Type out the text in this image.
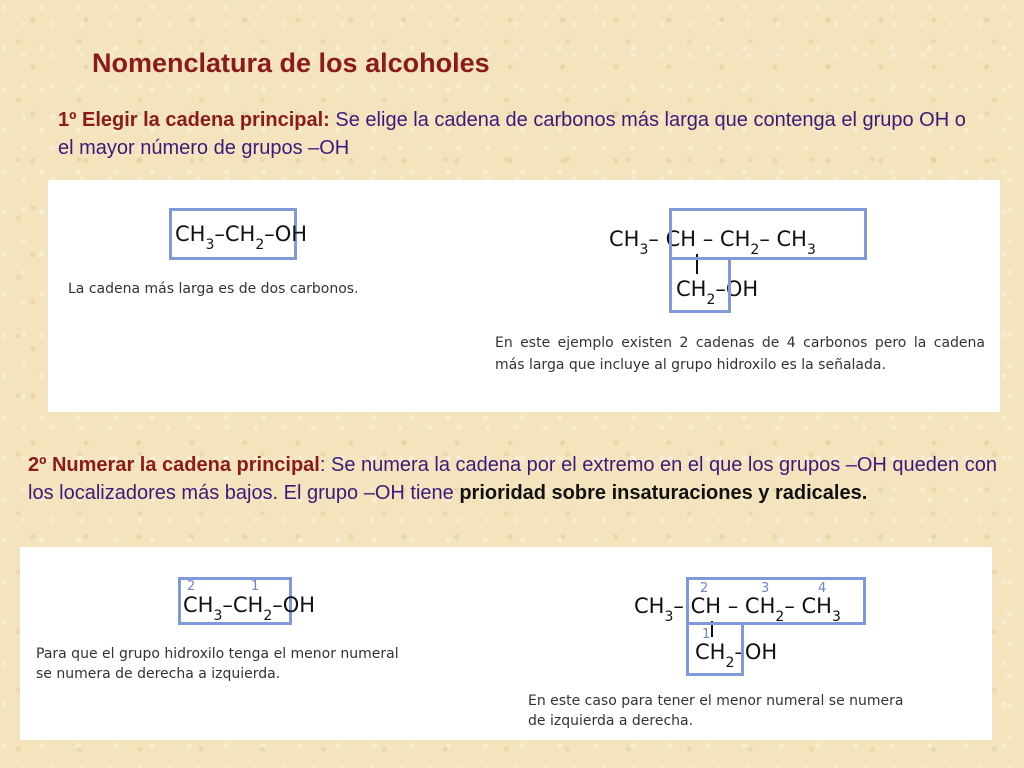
Nomenclatura de los alcoholes
1º Elegir la cadena principal: Se elige la cadena de carbonos más larga que contenga el grupo OH o el mayor número de grupos –OH
$CH_3-CH_2-OH$
La cadena más larga es de dos carbonos.
$CH_3-$ CH – $CH_2-$ $CH_3$
$CH_2-OH$
En este ejemplo existen 2 cadenas de 4 carbonos pero la cadena más larga que incluye al grupo hidroxilo es la señalada.
2º Numerar la cadena principal: Se numera la cadena por el extremo en el que los grupos –OH queden con los localizadores más bajos. El grupo –OH tiene prioridad sobre insaturaciones y radicales.
2	1
$CH_3-CH_2-OH$
Para que el grupo hidroxilo tenga el menor numeral
se numera de derecha a izquierda.
2	3	4
$CH_3-$ CH – $CH_2-$ $CH_3$
1
$CH_2-OH$
En este caso para tener el menor numeral se numera
de izquierda a derecha.
